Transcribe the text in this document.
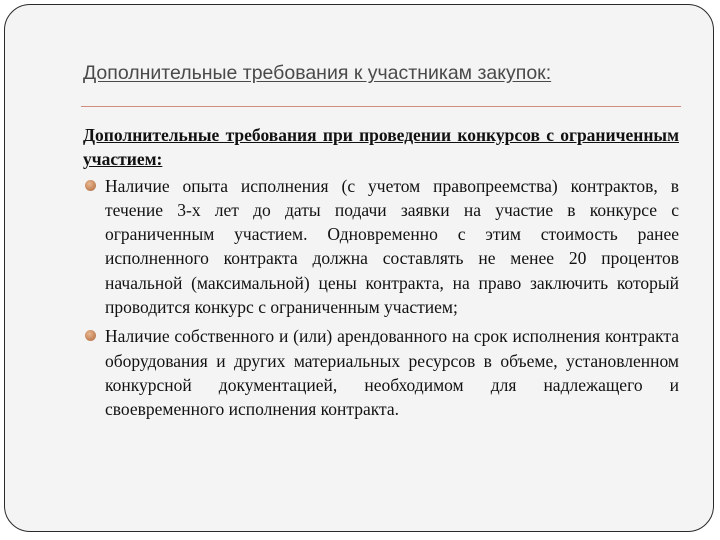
Дополнительные требования к участникам закупок:

Дополнительные требования при проведении конкурсов с ограниченным участием:

Наличие опыта исполнения (с учетом правопреемства) контрактов, в течение 3-х лет до даты подачи заявки на участие в конкурсе с ограниченным участием. Одновременно с этим стоимость ранее исполненного контракта должна составлять не менее 20 процентов начальной (максимальной) цены контракта, на право заключить который проводится конкурс с ограниченным участием;
Наличие собственного и (или) арендованного на срок исполнения контракта оборудования и других материальных ресурсов в объеме, установленном конкурсной документацией, необходимом для надлежащего и своевременного исполнения контракта.
